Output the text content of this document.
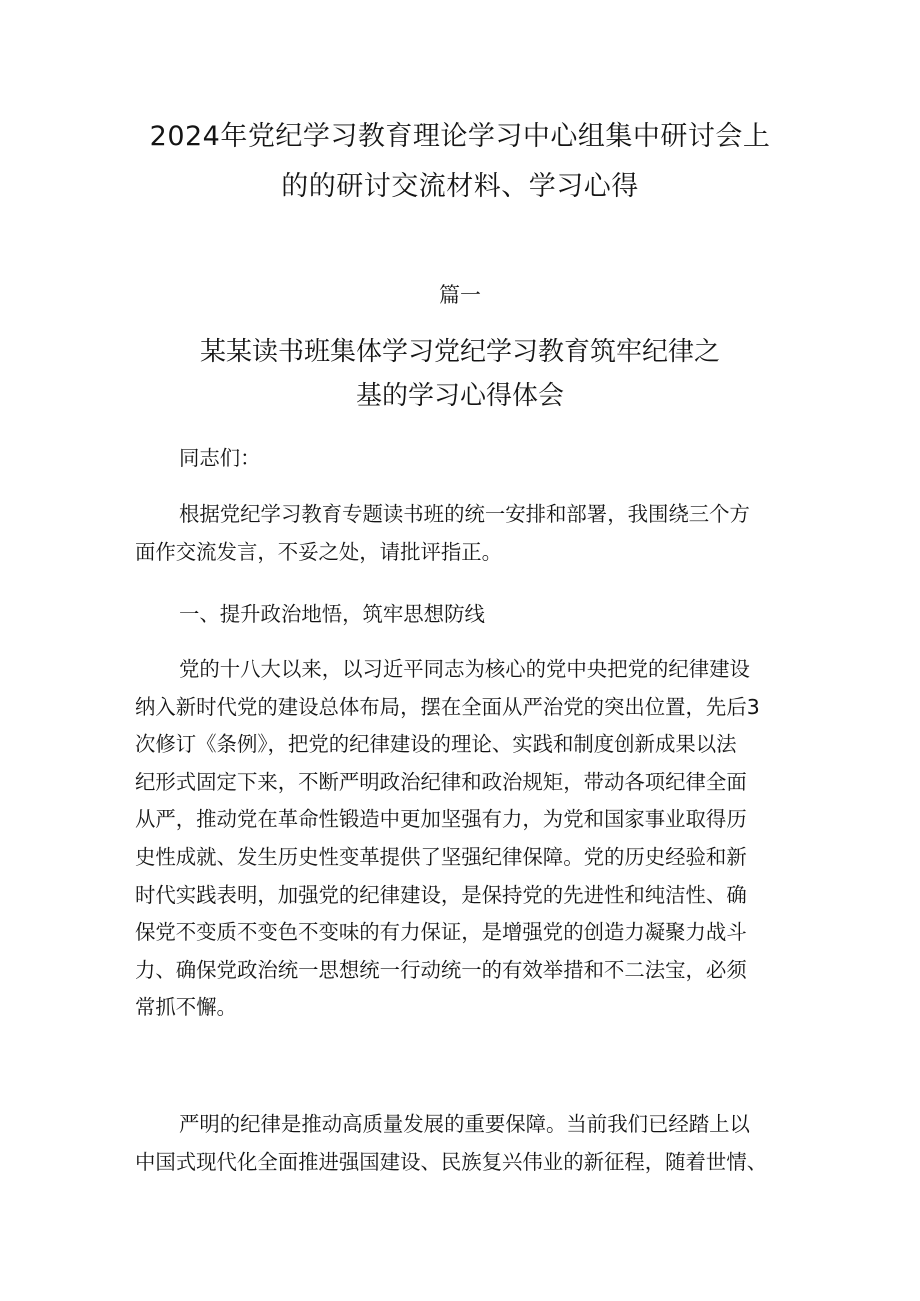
2024年党纪学习教育理论学习中心组集中研讨会上
的的研讨交流材料、学习心得
篇一
某某读书班集体学习党纪学习教育筑牢纪律之
基的学习心得体会
同志们：
根据党纪学习教育专题读书班的统一安排和部署，我围绕三个方
面作交流发言，不妥之处，请批评指正。
一、提升政治地悟，筑牢思想防线
党的十八大以来，以习近平同志为核心的党中央把党的纪律建设
纳入新时代党的建设总体布局，摆在全面从严治党的突出位置，先后3
次修订《条例》，把党的纪律建设的理论、实践和制度创新成果以法
纪形式固定下来，不断严明政治纪律和政治规矩，带动各项纪律全面
从严，推动党在革命性锻造中更加坚强有力，为党和国家事业取得历
史性成就、发生历史性变革提供了坚强纪律保障。党的历史经验和新
时代实践表明，加强党的纪律建设，是保持党的先进性和纯洁性、确
保党不变质不变色不变味的有力保证，是增强党的创造力凝聚力战斗
力、确保党政治统一思想统一行动统一的有效举措和不二法宝，必须
常抓不懈。
严明的纪律是推动高质量发展的重要保障。当前我们已经踏上以
中国式现代化全面推进强国建设、民族复兴伟业的新征程，随着世情、
